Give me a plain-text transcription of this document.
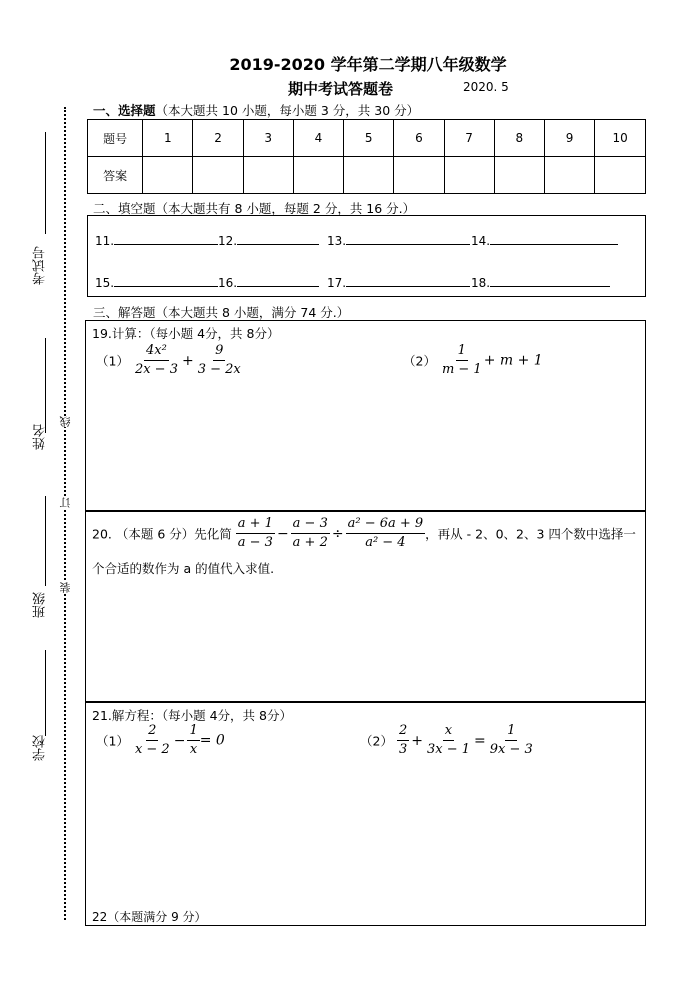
2019-2020 学年第二学期八年级数学
期中考试答题卷	2020. 5
考试号
姓名
班级
学校
线
订
装
一、选择题（本大题共 10 小题，每小题 3 分，共 30 分）
题号	1	2	3	4	5	6	7	8	9	10
答案										
二、填空题（本大题共有 8 小题，每题 2 分，共 16 分.）
11.	12.	13.	14.
15.	16.	17.	18.
三、解答题（本大题共 8 小题，满分 74 分.）
19.计算：（每小题 4分，共 8分）
$(1) \frac{\text{4x²}}{2x - 3} + \frac{9}{3 - 2x}$	$(2) \frac{1}{m - 1} + m + 1$
20. （本题 6 分）先化简 $\frac{a + 1}{a - 3} - \frac{a - 3}{a + 2} \div \frac{\text{a² − 6a + 9}}{\text{a² − 4}}$ ，再从 - 2、0、2、3 四个数中选择一
个合适的数作为 a 的值代入求值.
21.解方程：（每小题 4分，共 8分）
$(1) \frac{2}{x - 2} - \frac{1}{x} = 0$	$(2) \frac{2}{3} + \frac{x}{3x - 1} = \frac{1}{9x - 3}$
22（本题满分 9 分）
